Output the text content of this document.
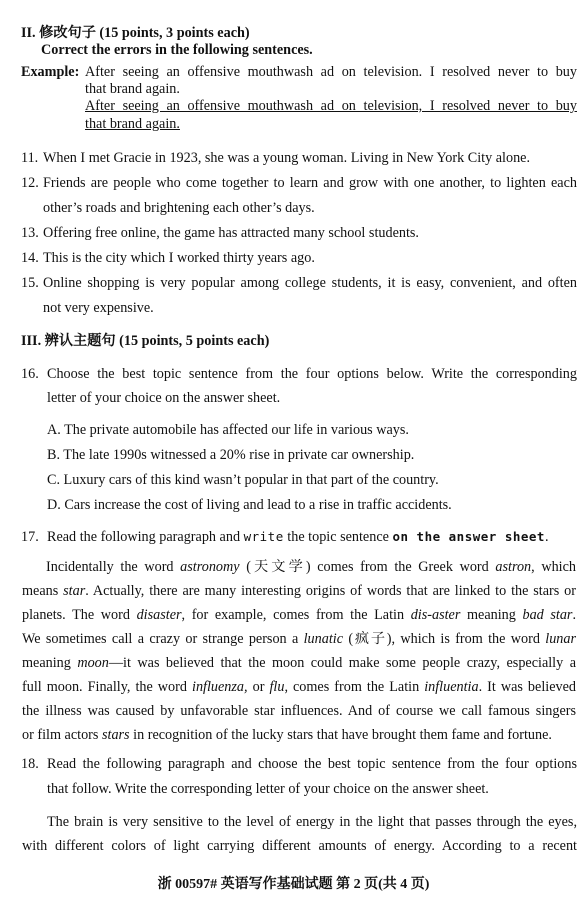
II. 修改句子 (15 points, 3 points each)
Correct the errors in the following sentences.
Example: After seeing an offensive mouthwash ad on television. I resolved never to buy
that brand again.
After seeing an offensive mouthwash ad on television, I resolved never to buy
that brand again.
11. When I met Gracie in 1923, she was a young woman. Living in New York City alone.
12. Friends are people who come together to learn and grow with one another, to lighten each
other’s roads and brightening each other’s days.
13. Offering free online, the game has attracted many school students.
14. This is the city which I worked thirty years ago.
15. Online shopping is very popular among college students, it is easy, convenient, and often
not very expensive.
III. 辨认主题句 (15 points, 5 points each)
16. Choose the best topic sentence from the four options below. Write the corresponding
letter of your choice on the answer sheet.
A. The private automobile has affected our life in various ways.
B. The late 1990s witnessed a 20% rise in private car ownership.
C. Luxury cars of this kind wasn’t popular in that part of the country.
D. Cars increase the cost of living and lead to a rise in traffic accidents.
17. Read the following paragraph and write the topic sentence on the answer sheet.
Incidentally the word astronomy (天文学) comes from the Greek word astron, which
means star. Actually, there are many interesting origins of words that are linked to the stars or
planets. The word disaster, for example, comes from the Latin dis-aster meaning bad star.
We sometimes call a crazy or strange person a lunatic (疯子), which is from the word lunar
meaning moon—it was believed that the moon could make some people crazy, especially a
full moon. Finally, the word influenza, or flu, comes from the Latin influentia. It was believed
the illness was caused by unfavorable star influences. And of course we call famous singers
or film actors stars in recognition of the lucky stars that have brought them fame and fortune.
18. Read the following paragraph and choose the best topic sentence from the four options
that follow. Write the corresponding letter of your choice on the answer sheet.
The brain is very sensitive to the level of energy in the light that passes through the eyes,
with different colors of light carrying different amounts of energy. According to a recent
浙 00597# 英语写作基础试题 第 2 页(共 4 页)
